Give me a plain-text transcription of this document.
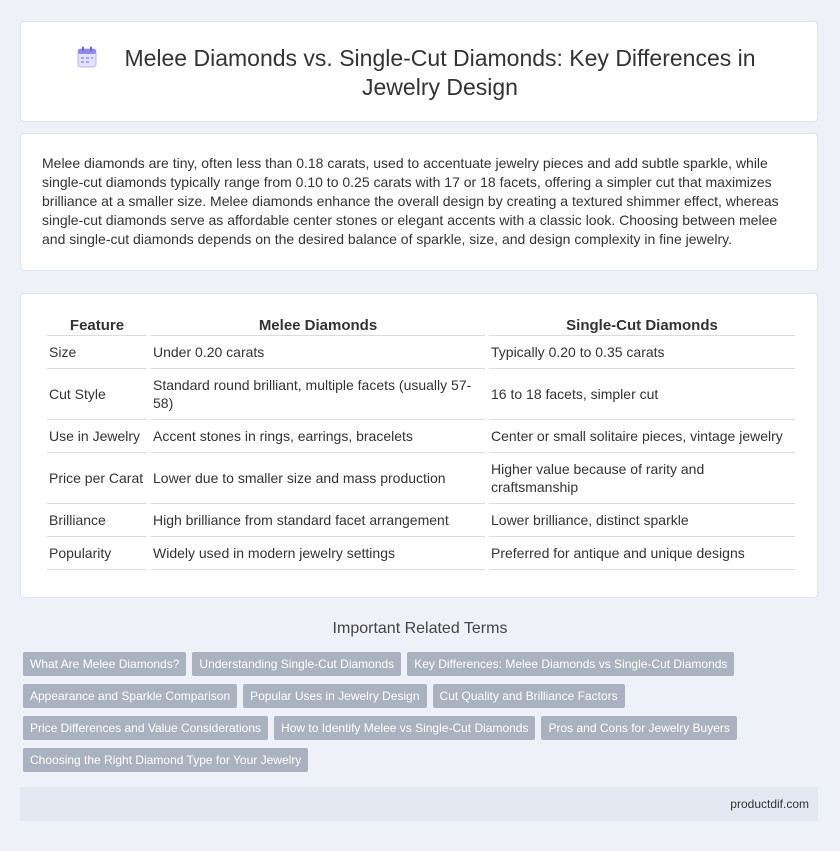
Melee Diamonds vs. Single-Cut Diamonds: Key Differences in Jewelry Design

Melee diamonds are tiny, often less than 0.18 carats, used to accentuate jewelry pieces and add subtle sparkle, while single-cut diamonds typically range from 0.10 to 0.25 carats with 17 or 18 facets, offering a simpler cut that maximizes brilliance at a smaller size. Melee diamonds enhance the overall design by creating a textured shimmer effect, whereas single-cut diamonds serve as affordable center stones or elegant accents with a classic look. Choosing between melee and single-cut diamonds depends on the desired balance of sparkle, size, and design complexity in fine jewelry.

Feature	Melee Diamonds	Single-Cut Diamonds
Size	Under 0.20 carats	Typically 0.20 to 0.35 carats
Cut Style	Standard round brilliant, multiple facets (usually 57-58)	16 to 18 facets, simpler cut
Use in Jewelry	Accent stones in rings, earrings, bracelets	Center or small solitaire pieces, vintage jewelry
Price per Carat	Lower due to smaller size and mass production	Higher value because of rarity and craftsmanship
Brilliance	High brilliance from standard facet arrangement	Lower brilliance, distinct sparkle
Popularity	Widely used in modern jewelry settings	Preferred for antique and unique designs
Important Related Terms
What Are Melee Diamonds? Understanding Single-Cut Diamonds Key Differences: Melee Diamonds vs Single-Cut Diamonds
Appearance and Sparkle Comparison Popular Uses in Jewelry Design Cut Quality and Brilliance Factors
Price Differences and Value Considerations How to Identify Melee vs Single-Cut Diamonds Pros and Cons for Jewelry Buyers
Choosing the Right Diamond Type for Your Jewelry
productdif.com
